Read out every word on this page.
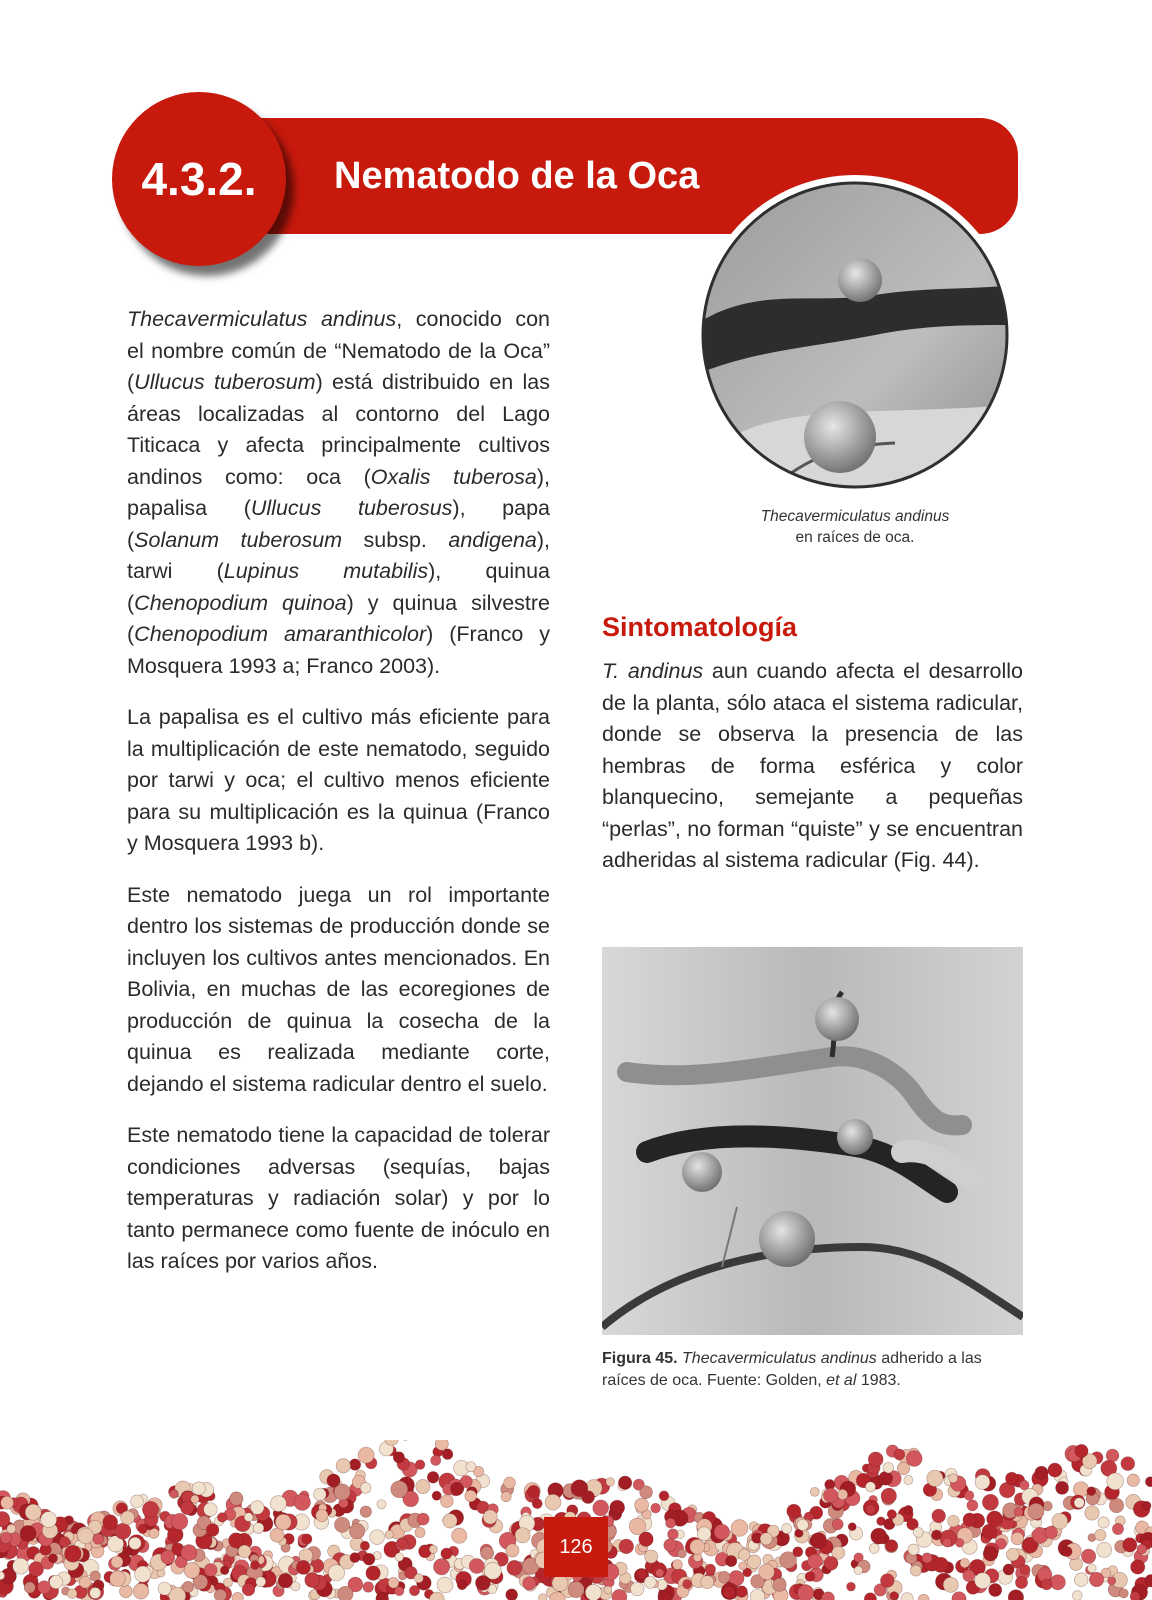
4.3.2.	Nematodo de la Oca
Thecavermiculatus andinus
en raíces de oca.

Thecavermiculatus andinus, conocido con el nombre común de “Nematodo de la Oca” (Ullucus tuberosum) está distribuido en las áreas localizadas al contorno del Lago Titicaca y afecta principalmente cultivos andinos como: oca (Oxalis tuberosa), papalisa (Ullucus tuberosus), papa (Solanum tuberosum subsp. andigena), tarwi (Lupinus mutabilis), quinua (Chenopodium quinoa) y quinua silvestre (Chenopodium amaranthicolor) (Franco y Mosquera 1993 a; Franco 2003).

La papalisa es el cultivo más eficiente para la multiplicación de este nematodo, seguido por tarwi y oca; el cultivo menos eficiente para su multiplicación es la quinua (Franco y Mosquera 1993 b).

Este nematodo juega un rol importante dentro los sistemas de producción donde se incluyen los cultivos antes mencionados. En Bolivia, en muchas de las ecoregiones de producción de quinua la cosecha de la quinua es realizada mediante corte, dejando el sistema radicular dentro el suelo.

Este nematodo tiene la capacidad de tolerar condiciones adversas (sequías, bajas temperaturas y radiación solar) y por lo tanto permanece como fuente de inóculo en las raíces por varios años.

Sintomatología

T. andinus aun cuando afecta el desarrollo de la planta, sólo ataca el sistema radicular, donde se observa la presencia de las hembras de forma esférica y color blanquecino, semejante a pequeñas “perlas”, no forman “quiste” y se encuentran adheridas al sistema radicular (Fig. 44).

Figura 45. Thecavermiculatus andinus adherido a las raíces de oca. Fuente: Golden, et al 1983.
126
